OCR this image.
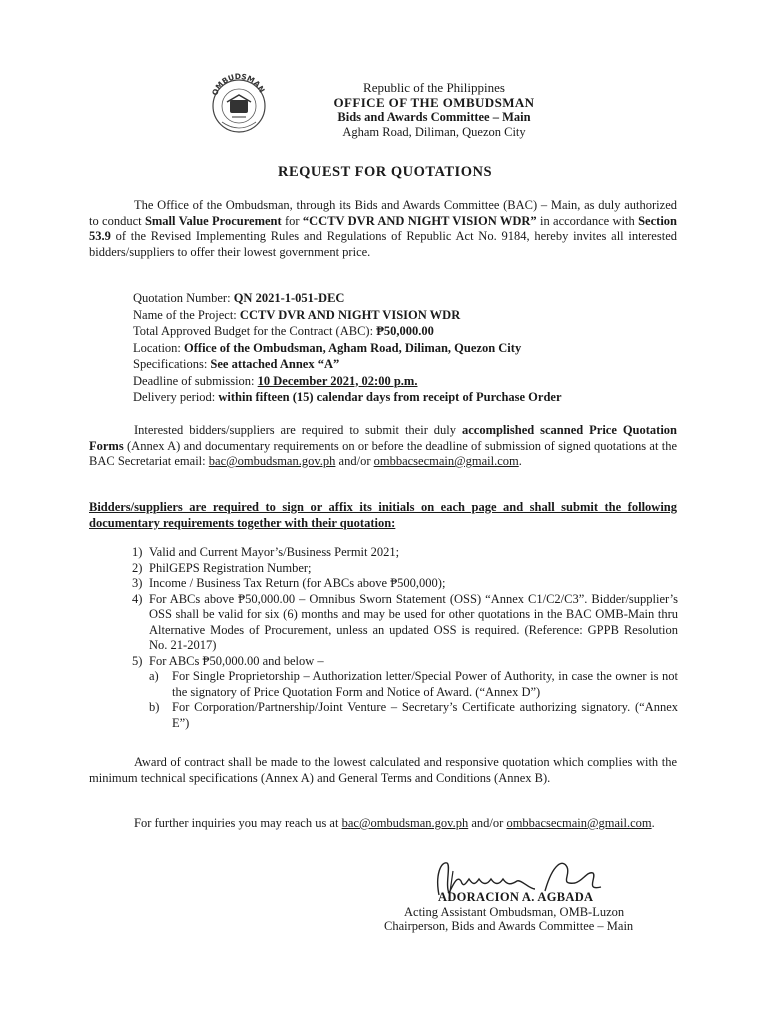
OMBUDSMAN	Republic of the Philippines
OFFICE OF THE OMBUDSMAN
Bids and Awards Committee – Main
Agham Road, Diliman, Quezon City
REQUEST FOR QUOTATIONS
The Office of the Ombudsman, through its Bids and Awards Committee (BAC) – Main, as duly authorized to conduct Small Value Procurement for “CCTV DVR AND NIGHT VISION WDR” in accordance with Section 53.9 of the Revised Implementing Rules and Regulations of Republic Act No. 9184, hereby invites all interested bidders/suppliers to offer their lowest government price.
Quotation Number: QN 2021-1-051-DEC
Name of the Project: CCTV DVR AND NIGHT VISION WDR
Total Approved Budget for the Contract (ABC): ₱50,000.00
Location: Office of the Ombudsman, Agham Road, Diliman, Quezon City
Specifications: See attached Annex “A”
Deadline of submission: 10 December 2021, 02:00 p.m.
Delivery period: within fifteen (15) calendar days from receipt of Purchase Order
Interested bidders/suppliers are required to submit their duly accomplished scanned Price Quotation Forms (Annex A) and documentary requirements on or before the deadline of submission of signed quotations at the BAC Secretariat email: bac@ombudsman.gov.ph and/or ombbacsecmain@gmail.com.
Bidders/suppliers are required to sign or affix its initials on each page and shall submit the following documentary requirements together with their quotation:
1) Valid and Current Mayor’s/Business Permit 2021;
2) PhilGEPS Registration Number;
3) Income / Business Tax Return (for ABCs above ₱500,000);
4) For ABCs above ₱50,000.00 – Omnibus Sworn Statement (OSS) “Annex C1/C2/C3”. Bidder/supplier’s OSS shall be valid for six (6) months and may be used for other quotations in the BAC OMB-Main thru Alternative Modes of Procurement, unless an updated OSS is required. (Reference: GPPB Resolution No. 21-2017)
5) For ABCs ₱50,000.00 and below –
a)	For Single Proprietorship – Authorization letter/Special Power of Authority, in case the owner is not the signatory of Price Quotation Form and Notice of Award. (“Annex D”)
b)	For Corporation/Partnership/Joint Venture – Secretary’s Certificate authorizing signatory. (“Annex E”)
Award of contract shall be made to the lowest calculated and responsive quotation which complies with the minimum technical specifications (Annex A) and General Terms and Conditions (Annex B).
For further inquiries you may reach us at bac@ombudsman.gov.ph and/or ombbacsecmain@gmail.com.
ADORACION A. AGBADA
Acting Assistant Ombudsman, OMB-Luzon
Chairperson, Bids and Awards Committee – Main
